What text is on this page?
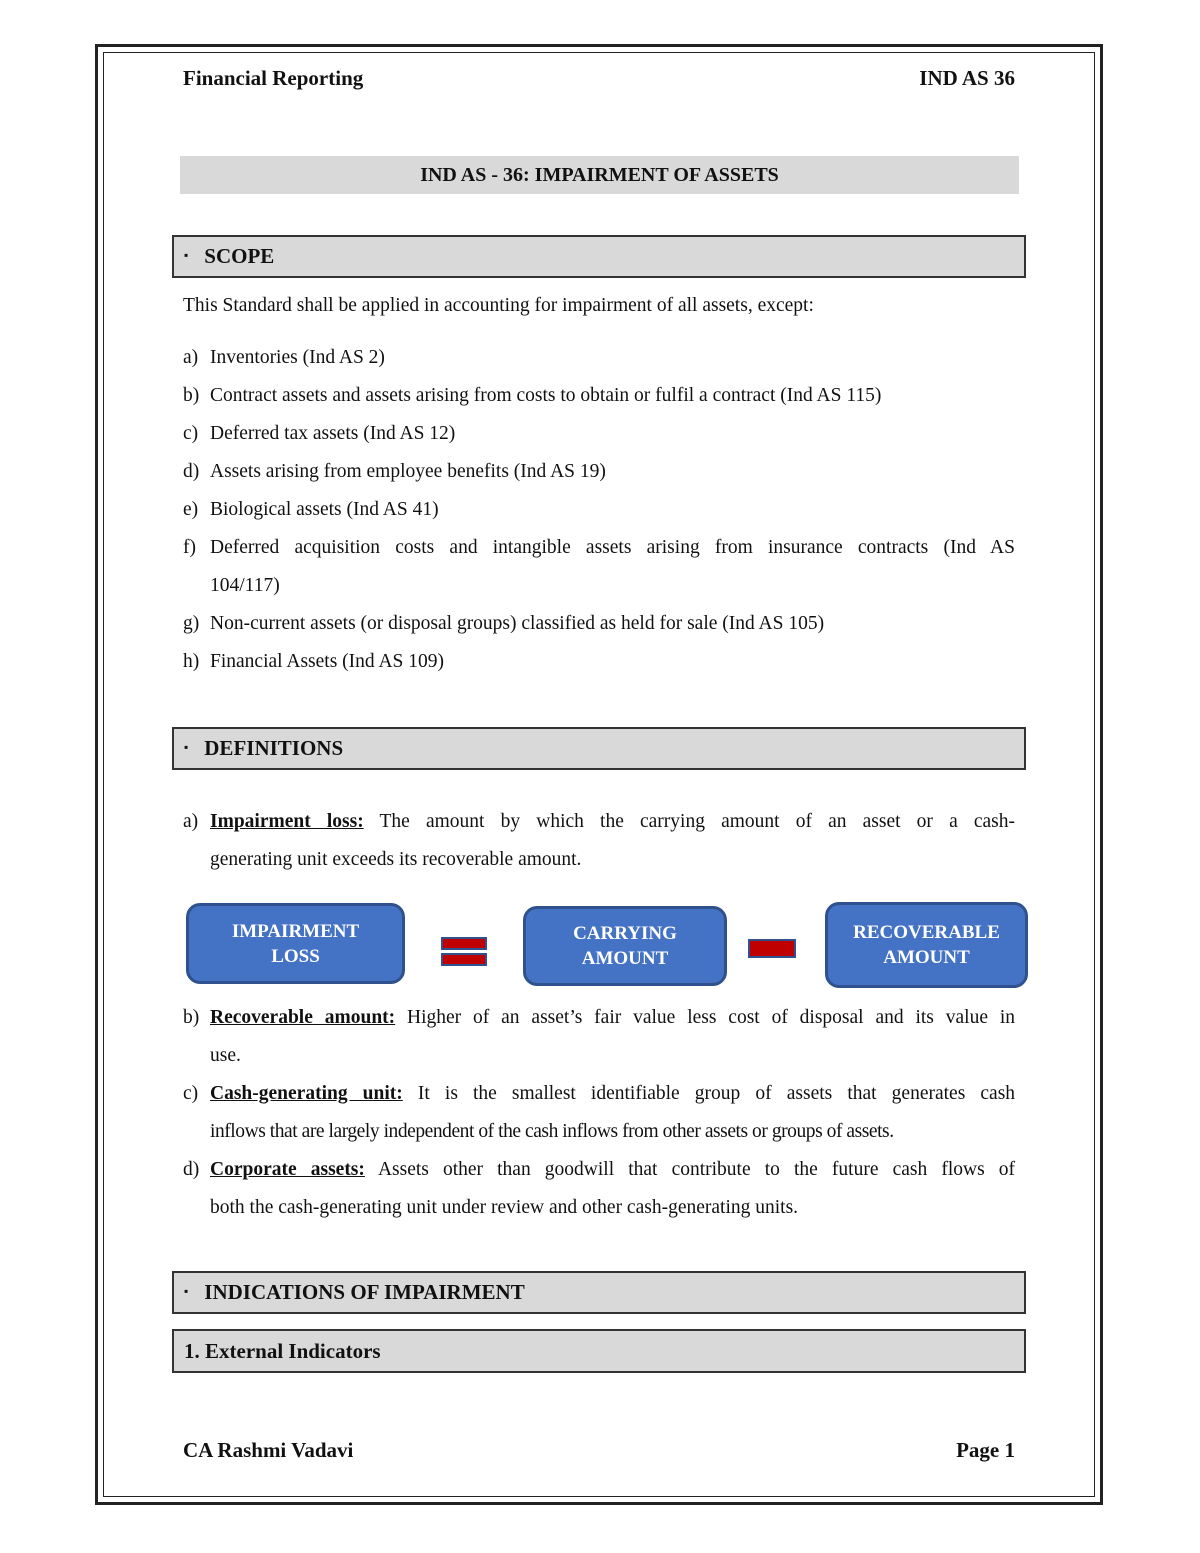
Financial Reporting	IND AS 36
IND AS - 36: IMPAIRMENT OF ASSETS
▪ SCOPE
This Standard shall be applied in accounting for impairment of all assets, except:
a) Inventories (Ind AS 2)
b) Contract assets and assets arising from costs to obtain or fulfil a contract (Ind AS 115)
c) Deferred tax assets (Ind AS 12)
d) Assets arising from employee benefits (Ind AS 19)
e) Biological assets (Ind AS 41)
f) Deferred acquisition costs and intangible assets arising from insurance contracts (Ind AS
104/117)
g) Non-current assets (or disposal groups) classified as held for sale (Ind AS 105)
h) Financial Assets (Ind AS 109)
▪ DEFINITIONS
a) Impairment loss: The amount by which the carrying amount of an asset or a cash-
generating unit exceeds its recoverable amount.
IMPAIRMENT
LOSS
CARRYING
AMOUNT
RECOVERABLE
AMOUNT
b) Recoverable amount: Higher of an asset’s fair value less cost of disposal and its value in
use.
c) Cash-generating unit: It is the smallest identifiable group of assets that generates cash
inflows that are largely independent of the cash inflows from other assets or groups of assets.
d) Corporate assets: Assets other than goodwill that contribute to the future cash flows of
both the cash-generating unit under review and other cash-generating units.
▪ INDICATIONS OF IMPAIRMENT
1. External Indicators
CA Rashmi Vadavi	Page 1
